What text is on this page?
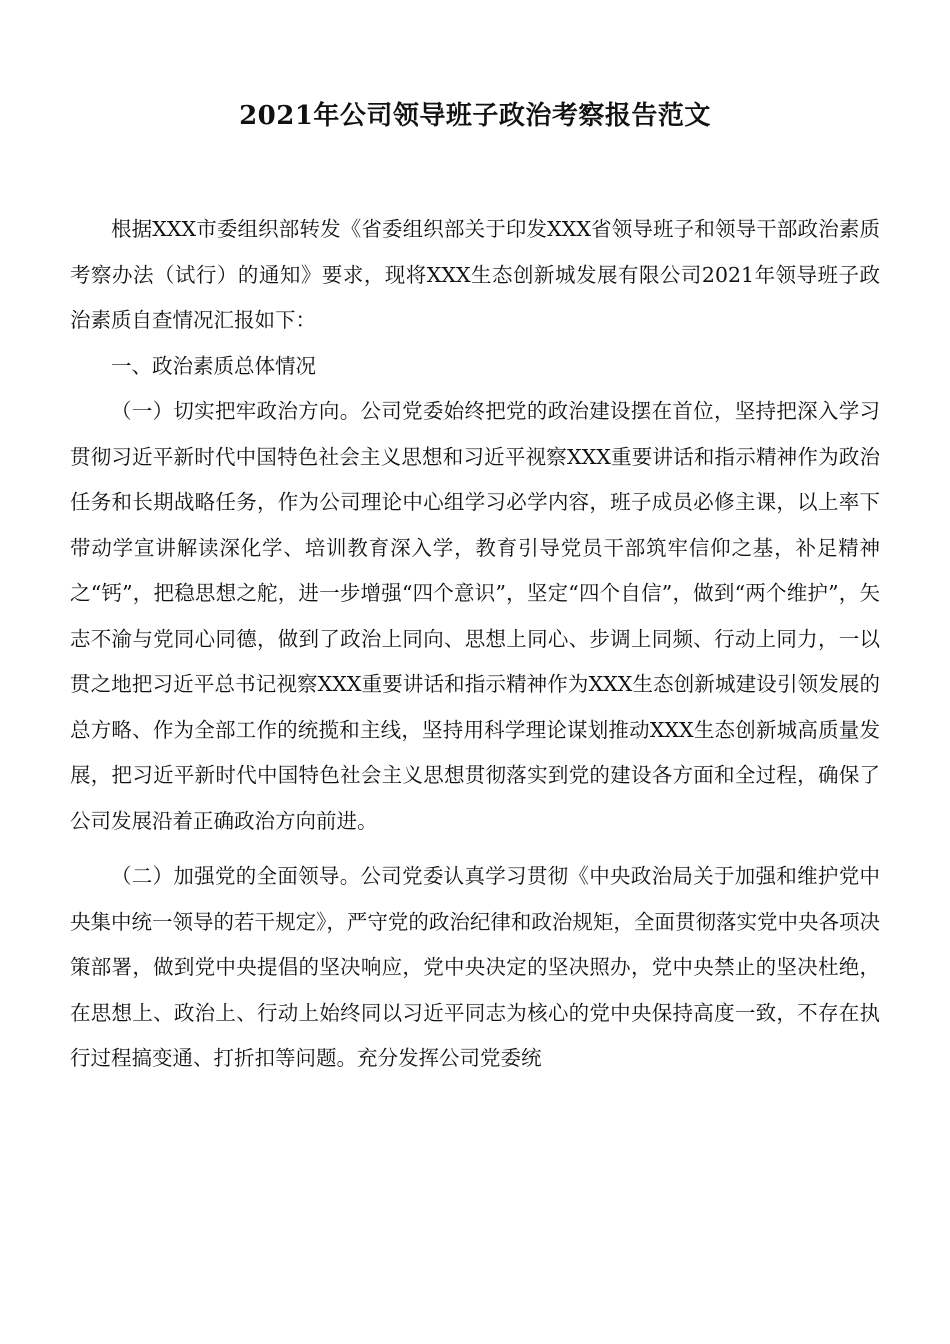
2021年公司领导班子政治考察报告范文

根据XXX市委组织部转发《省委组织部关于印发XXX省领导班子和领导干部政治素质考察办法（试行）的通知》要求，现将XXX生态创新城发展有限公司2021年领导班子政治素质自查情况汇报如下：

一、政治素质总体情况

（一）切实把牢政治方向。公司党委始终把党的政治建设摆在首位，坚持把深入学习贯彻习近平新时代中国特色社会主义思想和习近平视察XXX重要讲话和指示精神作为政治任务和长期战略任务，作为公司理论中心组学习必学内容，班子成员必修主课，以上率下带动学宣讲解读深化学、培训教育深入学，教育引导党员干部筑牢信仰之基，补足精神之“钙”，把稳思想之舵，进一步增强“四个意识”，坚定“四个自信”，做到“两个维护”，矢志不渝与党同心同德，做到了政治上同向、思想上同心、步调上同频、行动上同力，一以贯之地把习近平总书记视察XXX重要讲话和指示精神作为XXX生态创新城建设引领发展的总方略、作为全部工作的统揽和主线，坚持用科学理论谋划推动XXX生态创新城高质量发展，把习近平新时代中国特色社会主义思想贯彻落实到党的建设各方面和全过程，确保了公司发展沿着正确政治方向前进。

（二）加强党的全面领导。公司党委认真学习贯彻《中央政治局关于加强和维护党中央集中统一领导的若干规定》，严守党的政治纪律和政治规矩，全面贯彻落实党中央各项决策部署，做到党中央提倡的坚决响应，党中央决定的坚决照办，党中央禁止的坚决杜绝，在思想上、政治上、行动上始终同以习近平同志为核心的党中央保持高度一致，不存在执行过程搞变通、打折扣等问题。充分发挥公司党委统
